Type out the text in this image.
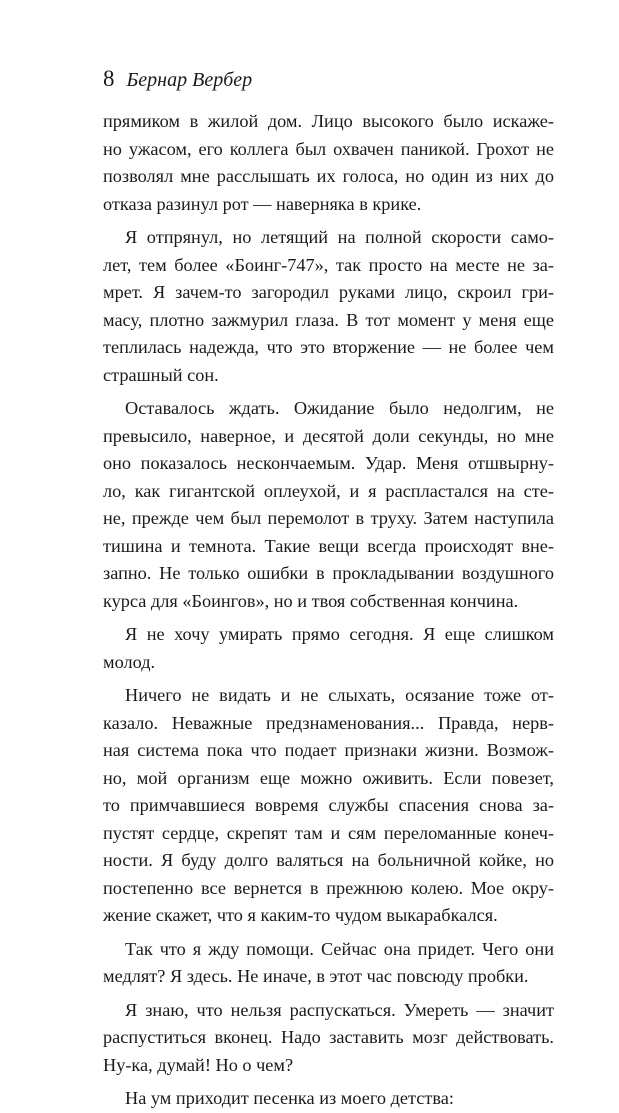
8 Бернар Вербер
прямиком в жилой дом. Лицо высокого было искаже-
но ужасом, его коллега был охвачен паникой. Грохот не
позволял мне расслышать их голоса, но один из них до
отказа разинул рот — наверняка в крике.
Я отпрянул, но летящий на полной скорости само-
лет, тем более «Боинг-747», так просто на месте не за-
мрет. Я зачем-то загородил руками лицо, скроил гри-
масу, плотно зажмурил глаза. В тот момент у меня еще
теплилась надежда, что это вторжение — не более чем
страшный сон.
Оставалось ждать. Ожидание было недолгим, не
превысило, наверное, и десятой доли секунды, но мне
оно показалось нескончаемым. Удар. Меня отшвырну-
ло, как гигантской оплеухой, и я распластался на сте-
не, прежде чем был перемолот в труху. Затем наступила
тишина и темнота. Такие вещи всегда происходят вне-
запно. Не только ошибки в прокладывании воздушного
курса для «Боингов», но и твоя собственная кончина.
Я не хочу умирать прямо сегодня. Я еще слишком
молод.
Ничего не видать и не слыхать, осязание тоже от-
казало. Неважные предзнаменования... Правда, нерв-
ная система пока что подает признаки жизни. Возмож-
но, мой организм еще можно оживить. Если повезет,
то примчавшиеся вовремя службы спасения снова за-
пустят сердце, скрепят там и сям переломанные конеч-
ности. Я буду долго валяться на больничной койке, но
постепенно все вернется в прежнюю колею. Мое окру-
жение скажет, что я каким-то чудом выкарабкался.
Так что я жду помощи. Сейчас она придет. Чего они
медлят? Я здесь. Не иначе, в этот час повсюду пробки.
Я знаю, что нельзя распускаться. Умереть — значит
распуститься вконец. Надо заставить мозг действовать.
Ну-ка, думай! Но о чем?
На ум приходит песенка из моего детства:
